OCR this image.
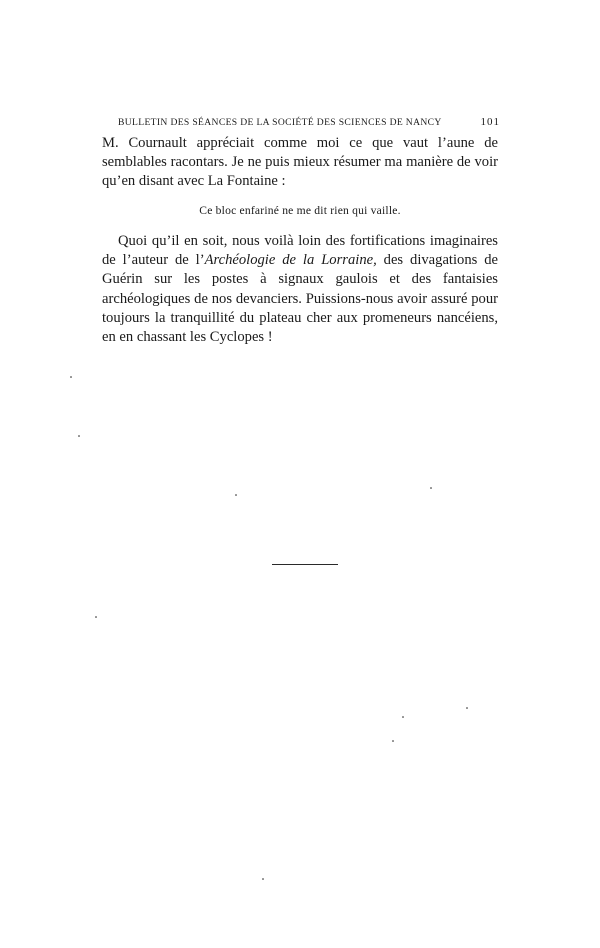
BULLETIN DES SÉANCES DE LA SOCIÉTÉ DES SCIENCES DE NANCY	101

M. Cournault appréciait comme moi ce que vaut l’aune de semblables racontars. Je ne puis mieux résumer ma manière de voir qu’en disant avec La Fontaine :

Ce bloc enfariné ne me dit rien qui vaille.

Quoi qu’il en soit, nous voilà loin des fortifications imaginaires de l’auteur de l’Archéologie de la Lorraine, des divagations de Guérin sur les postes à signaux gaulois et des fantaisies archéologiques de nos devanciers. Puissions-nous avoir assuré pour toujours la tranquillité du plateau cher aux promeneurs nancéiens, en en chassant les Cyclopes !
